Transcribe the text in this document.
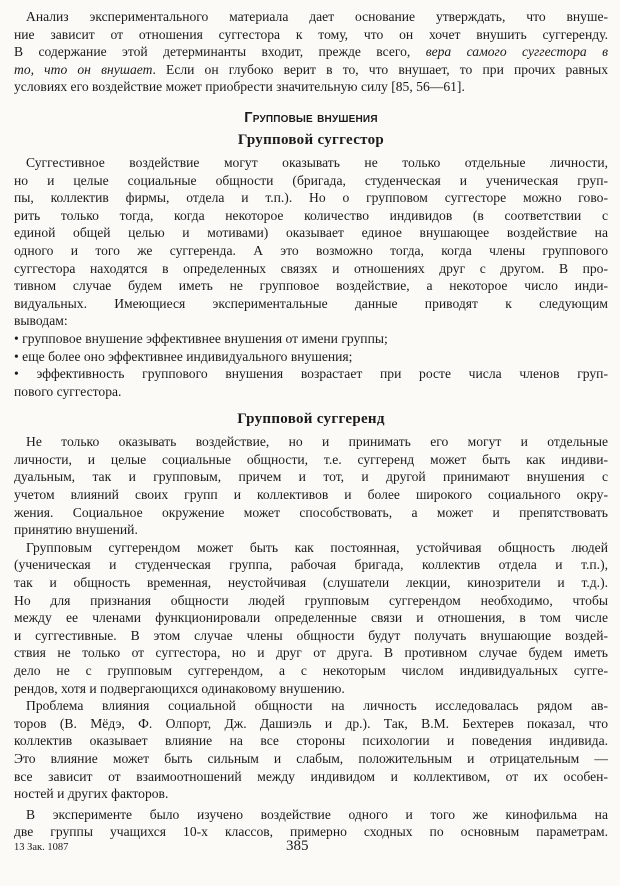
Анализ экспериментального материала дает основание утверждать, что внуше-

ние зависит от отношения суггестора к тому, что он хочет внушить суггеренду.

В содержание этой детерминанты входит, прежде всего, вера самого суггестора в

то, что он внушает. Если он глубоко верит в то, что внушает, то при прочих равных

условиях его воздействие может приобрести значительную силу [85, 56—61].

Групповые внушения
Групповой суггестор

Суггестивное воздействие могут оказывать не только отдельные личности,

но и целые социальные общности (бригада, студенческая и ученическая груп-

пы, коллектив фирмы, отдела и т.п.). Но о групповом суггесторе можно гово-

рить только тогда, когда некоторое количество индивидов (в соответствии с

единой общей целью и мотивами) оказывает единое внушающее воздействие на

одного и того же суггеренда. А это возможно тогда, когда члены группового

суггестора находятся в определенных связях и отношениях друг с другом. В про-

тивном случае будем иметь не групповое воздействие, а некоторое число инди-

видуальных. Имеющиеся экспериментальные данные приводят к следующим

выводам:

• групповое внушение эффективнее внушения от имени группы;

• еще более оно эффективнее индивидуального внушения;

• эффективность группового внушения возрастает при росте числа членов груп-

пового суггестора.

Групповой суггеренд

Не только оказывать воздействие, но и принимать его могут и отдельные

личности, и целые социальные общности, т.е. суггеренд может быть как индиви-

дуальным, так и групповым, причем и тот, и другой принимают внушения с

учетом влияний своих групп и коллективов и более широкого социального окру-

жения. Социальное окружение может способствовать, а может и препятствовать

принятию внушений.

Групповым суггерендом может быть как постоянная, устойчивая общность людей

(ученическая и студенческая группа, рабочая бригада, коллектив отдела и т.п.),

так и общность временная, неустойчивая (слушатели лекции, кинозрители и т.д.).

Но для признания общности людей групповым суггерендом необходимо, чтобы

между ее членами функционировали определенные связи и отношения, в том числе

и суггестивные. В этом случае члены общности будут получать внушающие воздей-

ствия не только от суггестора, но и друг от друга. В противном случае будем иметь

дело не с групповым суггерендом, а с некоторым числом индивидуальных сугге-

рендов, хотя и подвергающихся одинаковому внушению.

Проблема влияния социальной общности на личность исследовалась рядом ав-

торов (В. Мёдэ, Ф. Олпорт, Дж. Дашиэль и др.). Так, В.М. Бехтерев показал, что

коллектив оказывает влияние на все стороны психологии и поведения индивида.

Это влияние может быть сильным и слабым, положительным и отрицательным —

все зависит от взаимоотношений между индивидом и коллективом, от их особен-

ностей и других факторов.

В эксперименте было изучено воздействие одного и того же кинофильма на

две группы учащихся 10-х классов, примерно сходных по основным параметрам.

13 Зак. 1087	385
